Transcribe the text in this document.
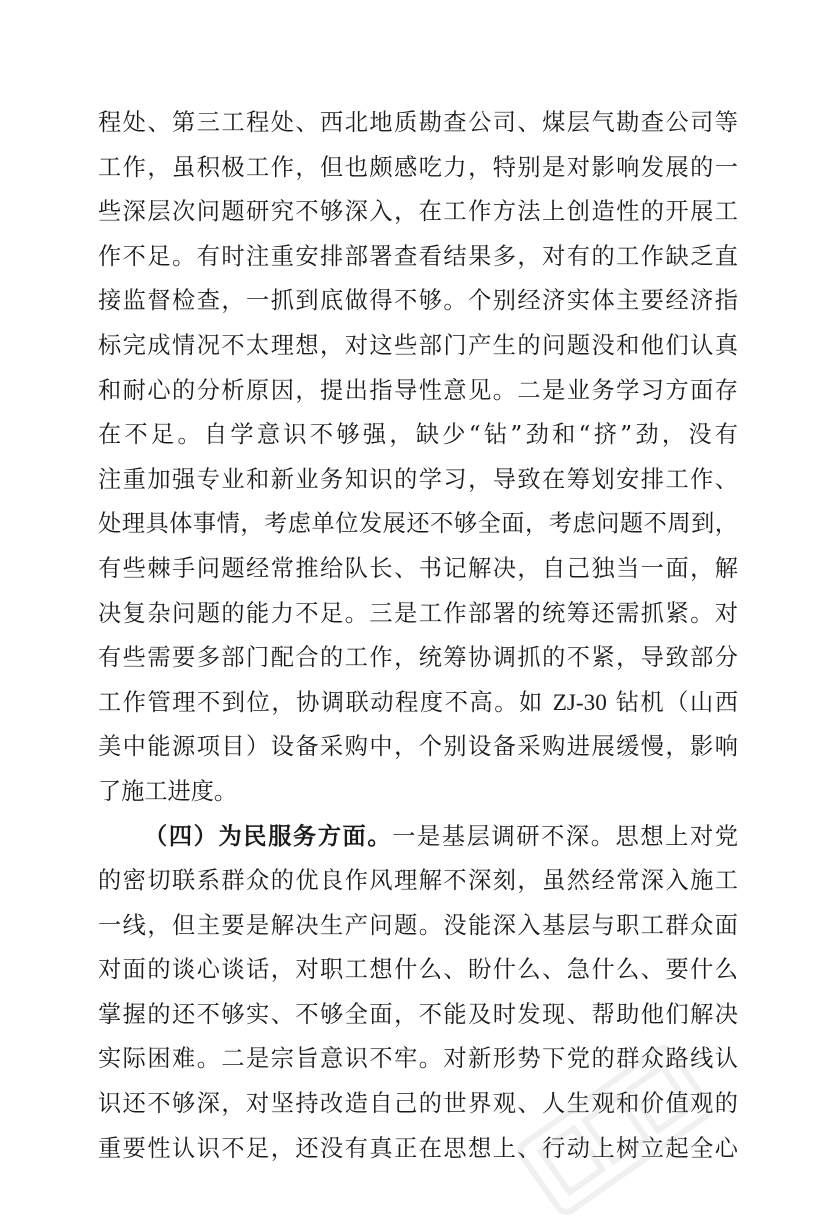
程处、第三工程处、西北地质勘查公司、煤层气勘查公司等
工作，虽积极工作，但也颇感吃力，特别是对影响发展的一
些深层次问题研究不够深入，在工作方法上创造性的开展工
作不足。有时注重安排部署查看结果多，对有的工作缺乏直
接监督检查，一抓到底做得不够。个别经济实体主要经济指
标完成情况不太理想，对这些部门产生的问题没和他们认真
和耐心的分析原因，提出指导性意见。二是业务学习方面存
在不足。自学意识不够强，缺少“钻”劲和“挤”劲，没有
注重加强专业和新业务知识的学习，导致在筹划安排工作、
处理具体事情，考虑单位发展还不够全面，考虑问题不周到，
有些棘手问题经常推给队长、书记解决，自己独当一面，解
决复杂问题的能力不足。三是工作部署的统筹还需抓紧。对
有些需要多部门配合的工作，统筹协调抓的不紧，导致部分
工作管理不到位，协调联动程度不高。如 ZJ-30 钻机（山西
美中能源项目）设备采购中，个别设备采购进展缓慢，影响
了施工进度。
（四）为民服务方面。一是基层调研不深。思想上对党
的密切联系群众的优良作风理解不深刻，虽然经常深入施工
一线，但主要是解决生产问题。没能深入基层与职工群众面
对面的谈心谈话，对职工想什么、盼什么、急什么、要什么
掌握的还不够实、不够全面，不能及时发现、帮助他们解决
实际困难。二是宗旨意识不牢。对新形势下党的群众路线认
识还不够深，对坚持改造自己的世界观、人生观和价值观的
重要性认识不足，还没有真正在思想上、行动上树立起全心
